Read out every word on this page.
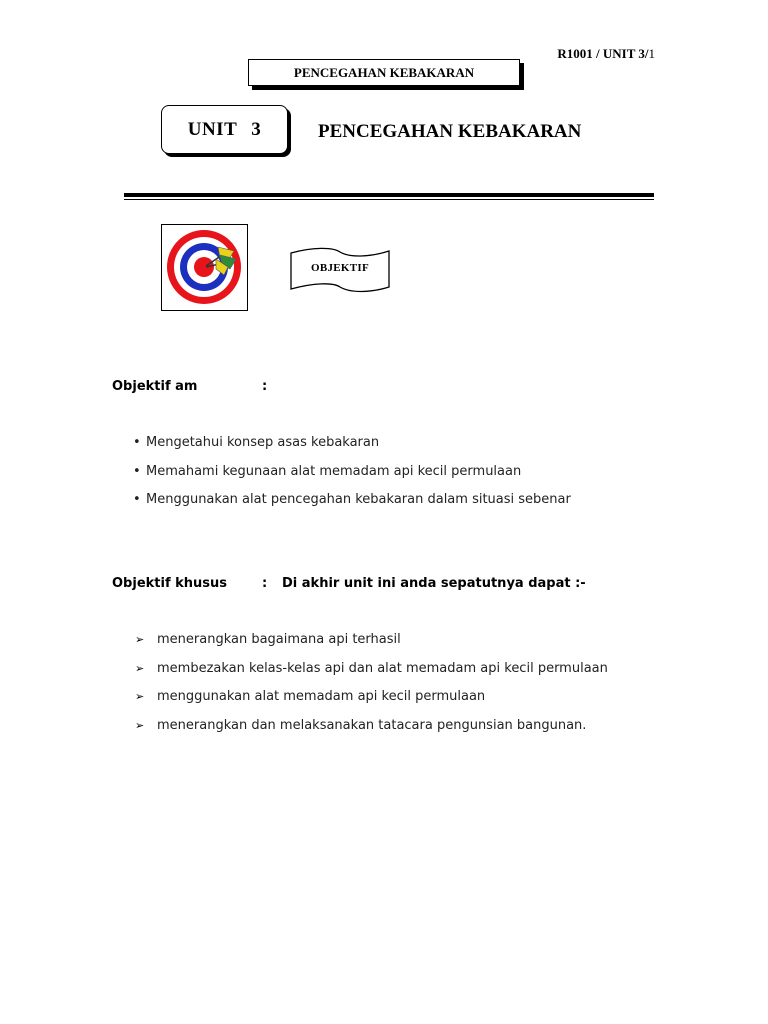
R1001 / UNIT 3/1
PENCEGAHAN KEBAKARAN
UNIT 3	PENCEGAHAN KEBAKARAN
OBJEKTIF
Objektif am	:
• Mengetahui konsep asas kebakaran
• Memahami kegunaan alat memadam api kecil permulaan
• Menggunakan alat pencegahan kebakaran dalam situasi sebenar
Objektif khusus	: Di akhir unit ini anda sepatutnya dapat :-
➢ menerangkan bagaimana api terhasil
➢ membezakan kelas-kelas api dan alat memadam api kecil permulaan
➢ menggunakan alat memadam api kecil permulaan
➢ menerangkan dan melaksanakan tatacara pengunsian bangunan.
